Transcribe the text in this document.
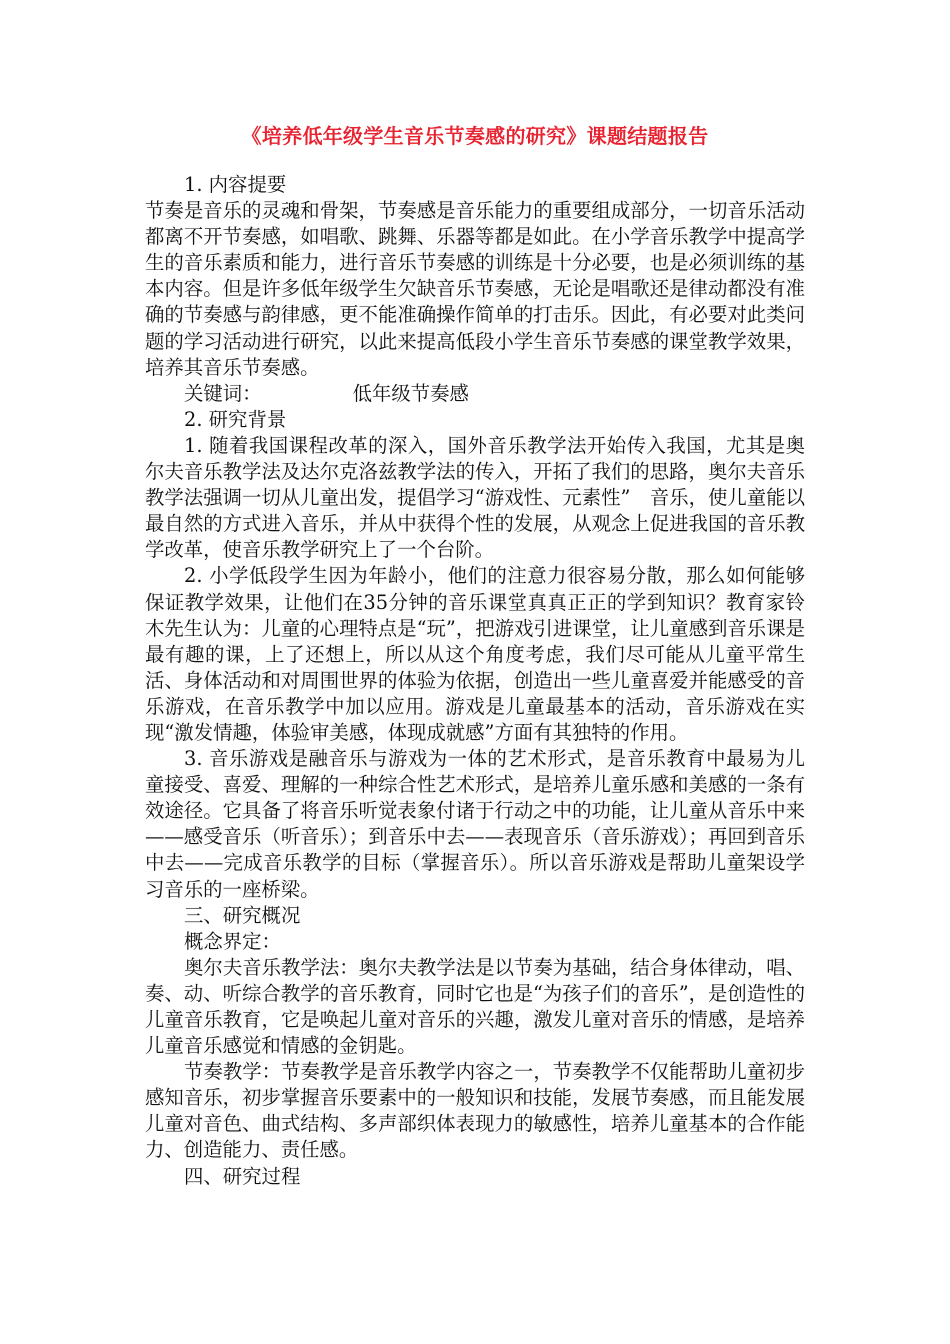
《培养低年级学生音乐节奏感的研究》课题结题报告

1. 内容提要

节奏是音乐的灵魂和骨架，节奏感是音乐能力的重要组成部分，一切音乐活动都离不开节奏感，如唱歌、跳舞、乐器等都是如此。在小学音乐教学中提高学生的音乐素质和能力，进行音乐节奏感的训练是十分必要，也是必须训练的基本内容。但是许多低年级学生欠缺音乐节奏感，无论是唱歌还是律动都没有准确的节奏感与韵律感，更不能准确操作简单的打击乐。因此，有必要对此类问题的学习活动进行研究，以此来提高低段小学生音乐节奏感的课堂教学效果，培养其音乐节奏感。

关键词：	低年级节奏感

2. 研究背景

1. 随着我国课程改革的深入，国外音乐教学法开始传入我国，尤其是奥尔夫音乐教学法及达尔克洛兹教学法的传入，开拓了我们的思路，奥尔夫音乐教学法强调一切从儿童出发，提倡学习“游戏性、元素性”　音乐，使儿童能以最自然的方式进入音乐，并从中获得个性的发展，从观念上促进我国的音乐教学改革，使音乐教学研究上了一个台阶。

2. 小学低段学生因为年龄小，他们的注意力很容易分散，那么如何能够保证教学效果，让他们在35分钟的音乐课堂真真正正的学到知识？教育家铃木先生认为：儿童的心理特点是“玩”，把游戏引进课堂，让儿童感到音乐课是最有趣的课，上了还想上，所以从这个角度考虑，我们尽可能从儿童平常生活、身体活动和对周围世界的体验为依据，创造出一些儿童喜爱并能感受的音乐游戏，在音乐教学中加以应用。游戏是儿童最基本的活动，音乐游戏在实现“激发情趣，体验审美感，体现成就感”方面有其独特的作用。

3. 音乐游戏是融音乐与游戏为一体的艺术形式，是音乐教育中最易为儿童接受、喜爱、理解的一种综合性艺术形式，是培养儿童乐感和美感的一条有效途径。它具备了将音乐听觉表象付诸于行动之中的功能，让儿童从音乐中来——感受音乐（听音乐）；到音乐中去——表现音乐（音乐游戏）；再回到音乐中去——完成音乐教学的目标（掌握音乐）。所以音乐游戏是帮助儿童架设学习音乐的一座桥梁。

三、研究概况

概念界定：

奥尔夫音乐教学法：奥尔夫教学法是以节奏为基础，结合身体律动，唱、奏、动、听综合教学的音乐教育，同时它也是“为孩子们的音乐”，是创造性的儿童音乐教育，它是唤起儿童对音乐的兴趣，激发儿童对音乐的情感，是培养儿童音乐感觉和情感的金钥匙。

节奏教学：节奏教学是音乐教学内容之一，节奏教学不仅能帮助儿童初步感知音乐，初步掌握音乐要素中的一般知识和技能，发展节奏感，而且能发展儿童对音色、曲式结构、多声部织体表现力的敏感性，培养儿童基本的合作能力、创造能力、责任感。

四、研究过程
